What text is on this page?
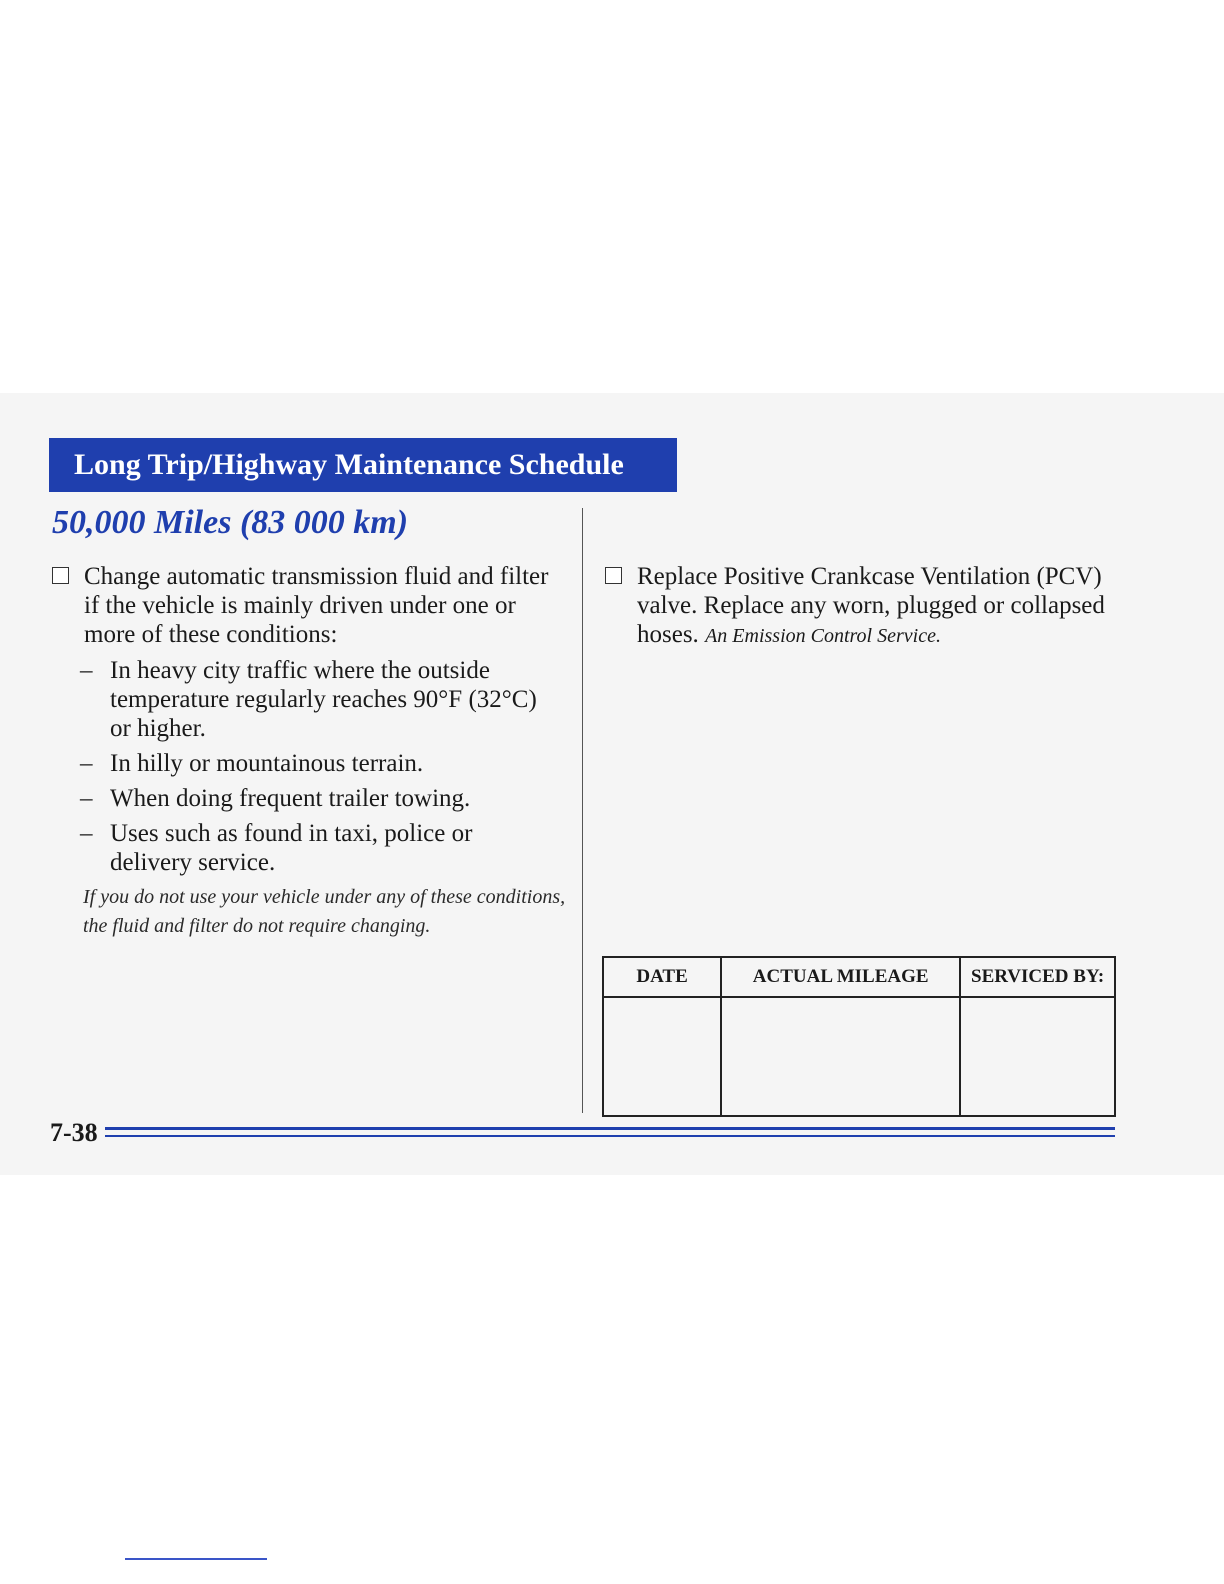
Long Trip/Highway Maintenance Schedule
50,000 Miles (83 000 km)
Change automatic transmission fluid and filter if the vehicle is mainly driven under one or more of these conditions:
– In heavy city traffic where the outside temperature regularly reaches 90°F (32°C) or higher.
– In hilly or mountainous terrain.
– When doing frequent trailer towing.
– Uses such as found in taxi, police or delivery service.
If you do not use your vehicle under any of these conditions, the fluid and filter do not require changing.
Replace Positive Crankcase Ventilation (PCV) valve. Replace any worn, plugged or collapsed hoses. An Emission Control Service.
DATE	ACTUAL MILEAGE	SERVICED BY:

7-38
